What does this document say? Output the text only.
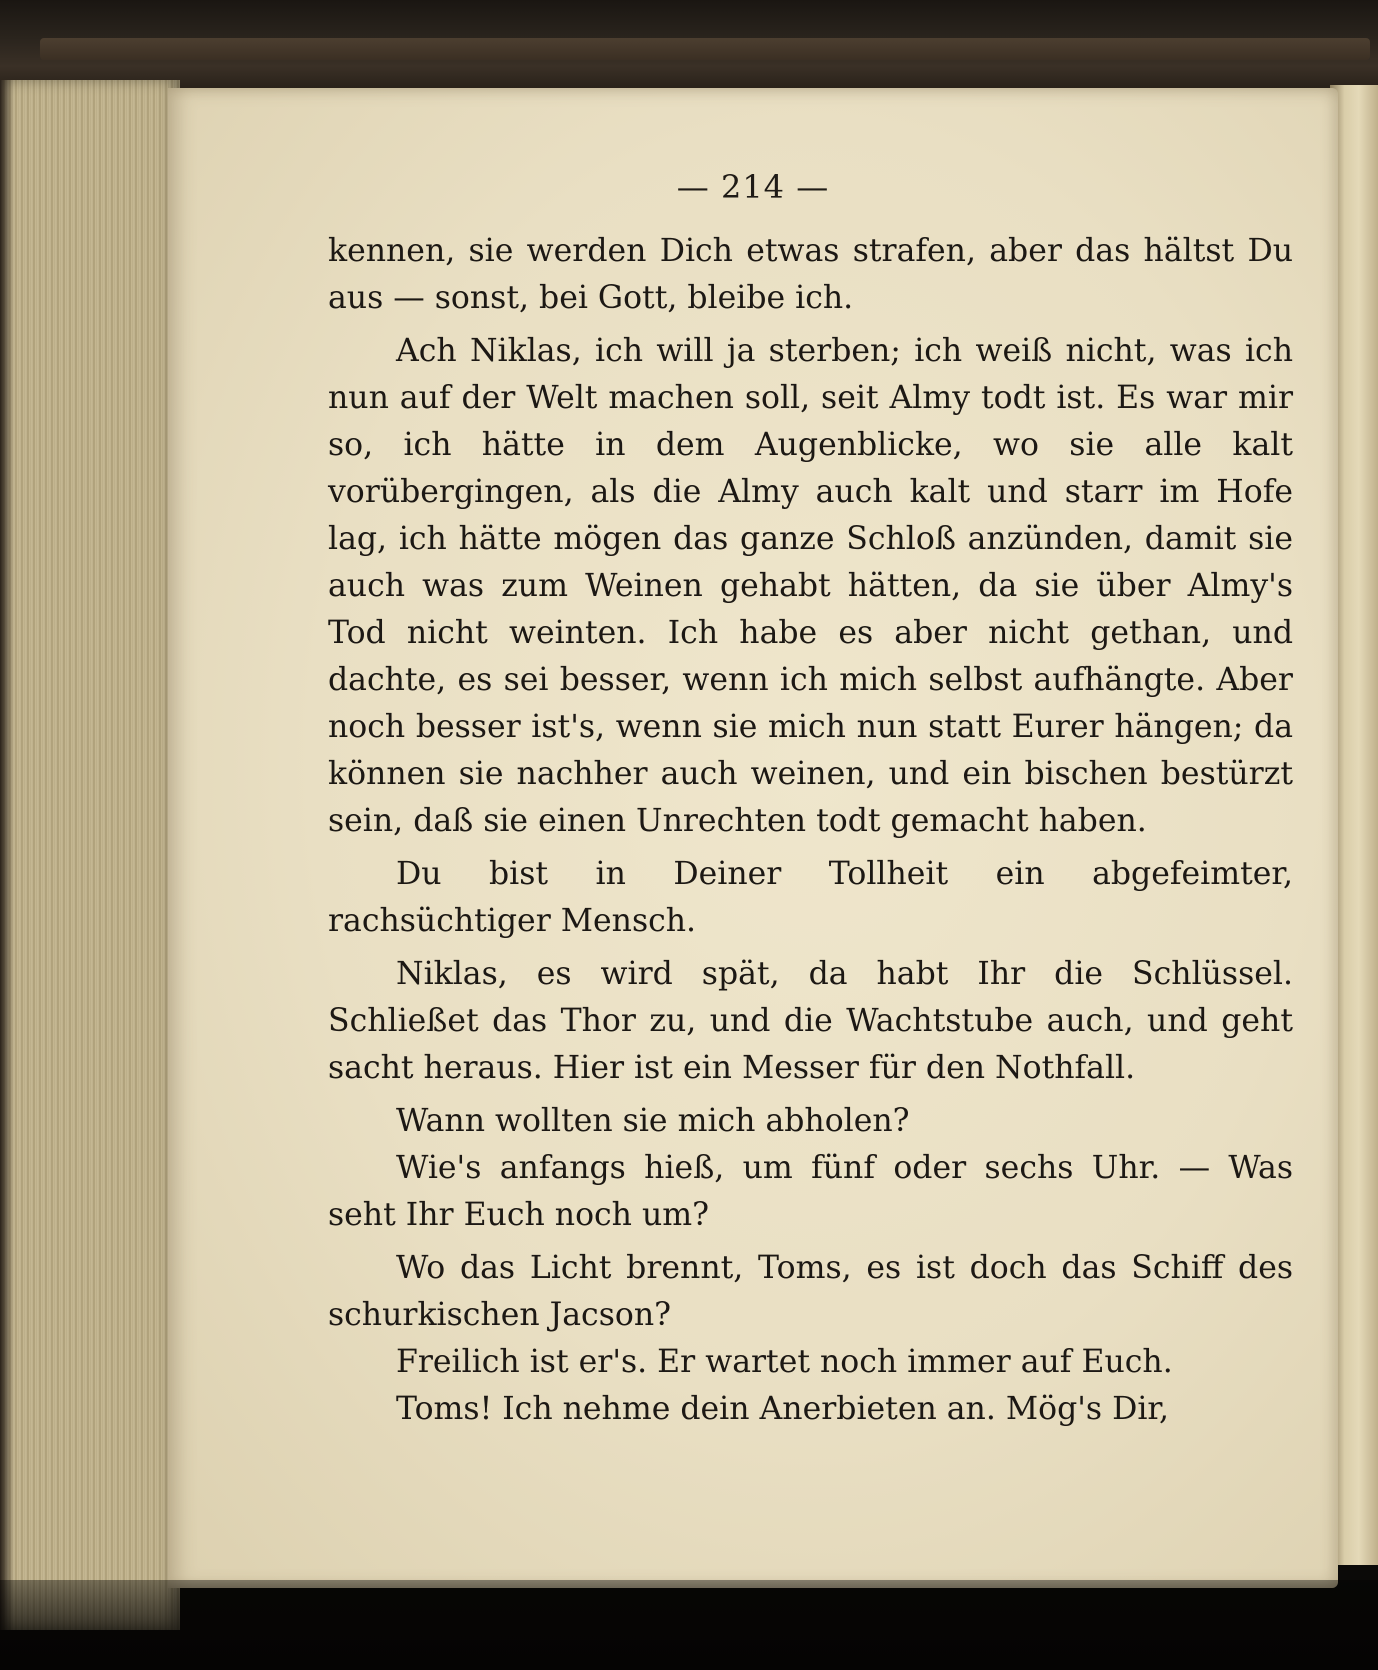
— 214 —

kennen, sie werden Dich etwas strafen, aber das hältst Du aus — sonst, bei Gott, bleibe ich.

Ach Niklas, ich will ja sterben; ich weiß nicht, was ich nun auf der Welt machen soll, seit Almy todt ist. Es war mir so, ich hätte in dem Augenblicke, wo sie alle kalt vorübergingen, als die Almy auch kalt und starr im Hofe lag, ich hätte mögen das ganze Schloß anzünden, damit sie auch was zum Weinen gehabt hätten, da sie über Almy's Tod nicht weinten. Ich habe es aber nicht gethan, und dachte, es sei besser, wenn ich mich selbst aufhängte. Aber noch besser ist's, wenn sie mich nun statt Eurer hängen; da können sie nachher auch weinen, und ein bischen bestürzt sein, daß sie einen Unrechten todt gemacht haben.

Du bist in Deiner Tollheit ein abgefeimter, rachsüchtiger Mensch.

Niklas, es wird spät, da habt Ihr die Schlüssel. Schließet das Thor zu, und die Wachtstube auch, und geht sacht heraus. Hier ist ein Messer für den Nothfall.

Wann wollten sie mich abholen?

Wie's anfangs hieß, um fünf oder sechs Uhr. — Was seht Ihr Euch noch um?

Wo das Licht brennt, Toms, es ist doch das Schiff des schurkischen Jacson?

Freilich ist er's. Er wartet noch immer auf Euch.

Toms! Ich nehme dein Anerbieten an. Mög's Dir,
